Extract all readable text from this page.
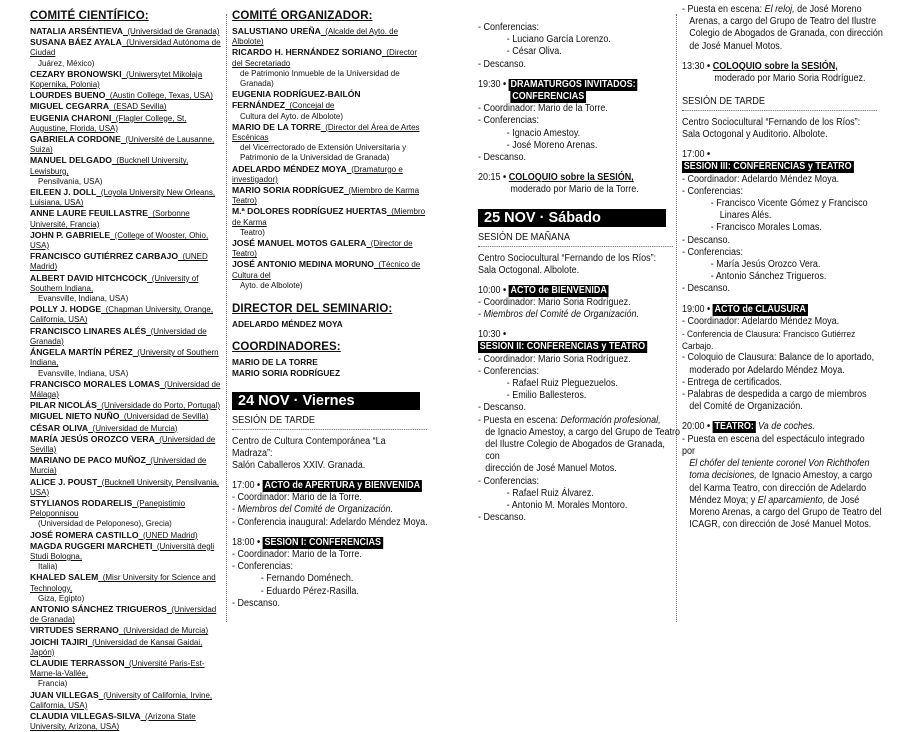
COMITÉ CIENTÍFICO:
NATALIA ARSÉNTIEVA_(Universidad de Granada)
SUSANA BÁEZ AYALA_(Universidad Autónoma de Ciudad
Juárez, México)
CEZARY BRONOWSKI_(Uniwersytet Mikołaja Kopernika, Polonia)
LOURDES BUENO_(Austin College, Texas, USA)
MIGUEL CEGARRA_(ESAD Sevilla)
EUGENIA CHARONI_(Flagler College, St, Augustine, Florida, USA)
GABRIELA CORDONE_(Université de Lausanne, Suiza)
MANUEL DELGADO_(Bucknell University, Lewisburg,
Pensilvania, USA)
EILEEN J. DOLL_(Loyola University New Orleans, Luisiana, USA)
ANNE LAURE FEUILLASTRE_(Sorbonne Université, Francia)
JOHN P. GABRIELE_(College of Wooster, Ohio, USA)
FRANCISCO GUTIÉRREZ CARBAJO_(UNED Madrid)
ALBERT DAVID HITCHCOCK_(University of Southern Indiana,
Evansville, Indiana, USA)
POLLY J. HODGE_(Chapman University, Orange, California, USA)
FRANCISCO LINARES ALÉS_(Universidad de Granada)
ÁNGELA MARTÍN PÉREZ_(University of Southern Indiana,
Evansville, Indiana, USA)
FRANCISCO MORALES LOMAS_(Universidad de Málaga)
PILAR NICOLÁS_(Universidade do Porto, Portugal)
MIGUEL NIETO NUÑO_(Universidad de Sevilla)
CÉSAR OLIVA_(Universidad de Murcia)
MARÍA JESÚS OROZCO VERA_(Universidad de Sevilla)
MARIANO DE PACO MUÑOZ_(Universidad de Murcia)
ALICE J. POUST_(Bucknell University, Pensilvania, USA)
STYLIANOS RODARELIS_(Panepistimio Peloponnisou
(Universidad de Peloponeso), Grecia)
JOSÉ ROMERA CASTILLO_(UNED Madrid)
MAGDA RUGGERI MARCHETI_(Università degli Studi Bologna,
Italia)
KHALED SALEM_(Misr University for Science and Technology,
Giza, Egipto)
ANTONIO SÁNCHEZ TRIGUEROS_(Universidad de Granada)
VIRTUDES SERRANO_(Universidad de Murcia)
JOICHI TAJIRI_(Universidad de Kansai Gaidai, Japón)
CLAUDIE TERRASSON_(Université Paris-Est-Marne-la-Vallée,
Francia)
JUAN VILLEGAS_(University of California, Irvine, California, USA)
CLAUDIA VILLEGAS-SILVA_(Arizona State University, Arizona, USA)
COMITÉ ORGANIZADOR:
SALUSTIANO UREÑA_(Alcalde del Ayto. de Albolote)
RICARDO H. HERNÁNDEZ SORIANO_(Director del Secretariado
de Patrimonio Inmueble de la Universidad de Granada)
EUGENIA RODRÍGUEZ-BAILÓN FERNÁNDEZ_(Concejal de
Cultura del Ayto. de Albolote)
MARIO DE LA TORRE_(Director del Área de Artes Escénicas
del Vicerrectorado de Extensión Universitaria y Patrimonio de la Universidad de Granada)
ADELARDO MÉNDEZ MOYA_(Dramaturgo e investigador)
MARIO SORIA RODRÍGUEZ_(Miembro de Karma Teatro)
M.ª DOLORES RODRÍGUEZ HUERTAS_(Miembro de Karma
Teatro)
JOSÉ MANUEL MOTOS GALERA_(Director de Teatro)
JOSÉ ANTONIO MEDINA MORUNO_(Técnico de Cultura del
Ayto. de Albolote)
DIRECTOR DEL SEMINARIO:
ADELARDO MÉNDEZ MOYA
COORDINADORES:
MARIO DE LA TORRE
MARIO SORIA RODRÍGUEZ
24 NOV · Viernes
SESIÓN DE TARDE
Centro de Cultura Contemporánea “La Madraza”:
Salón Caballeros XXIV. Granada.
17:00 • ACTO de APERTURA y BIENVENIDA
- Coordinador: Mario de la Torre.
- Miembros del Comité de Organización.
- Conferencia inaugural: Adelardo Méndez Moya.
18:00 • SESIÓN I: CONFERENCIAS
- Coordinador: Mario de la Torre.
- Conferencias:
- Fernando Doménech.
- Eduardo Pérez-Rasilla.
- Descanso.
- Conferencias:
- Luciano García Lorenzo.
- César Oliva.
- Descanso.
19:30 • DRAMATURGOS INVITADOS:
CONFERENCIAS
- Coordinador: Mario de la Torre.
- Conferencias:
- Ignacio Amestoy.
- José Moreno Arenas.
- Descanso.
20:15 • COLOQUIO sobre la SESIÓN,
moderado por Mario de la Torre.
25 NOV · Sábado
SESIÓN DE MAÑANA
Centro Sociocultural “Fernando de los Ríos”:
Sala Octogonal. Albolote.
10:00 • ACTO de BIENVENIDA
- Coordinador: Mario Soria Rodríguez.
- Miembros del Comité de Organización.
10:30 • SESIÓN II: CONFERENCIAS y TEATRO
- Coordinador: Mario Soria Rodríguez.
- Conferencias:
- Rafael Ruiz Pleguezuelos.
- Emilio Ballesteros.
- Descanso.
- Puesta en escena: Deformación profesional,
de Ignacio Amestoy, a cargo del Grupo de Teatro
del Ilustre Colegio de Abogados de Granada, con
dirección de José Manuel Motos.
- Conferencias:
- Rafael Ruiz Álvarez.
- Antonio M. Morales Montoro.
- Descanso.
- Puesta en escena: El reloj, de José Moreno
Arenas, a cargo del Grupo de Teatro del Ilustre
Colegio de Abogados de Granada, con dirección
de José Manuel Motos.
13:30 • COLOQUIO sobre la SESIÓN,
moderado por Mario Soria Rodríguez.
SESIÓN DE TARDE
Centro Sociocultural “Fernando de los Ríos”:
Sala Octogonal y Auditorio. Albolote.
17:00 • SESIÓN III: CONFERENCIAS y TEATRO
- Coordinador: Adelardo Méndez Moya.
- Conferencias:
- Francisco Vicente Gómez y Francisco
Linares Alés.
- Francisco Morales Lomas.
- Descanso.
- Conferencias:
- María Jesús Orozco Vera.
- Antonio Sánchez Trigueros.
- Descanso.
19:00 • ACTO de CLAUSURA
- Coordinador: Adelardo Méndez Moya.
- Conferencia de Clausura: Francisco Gutiérrez Carbajo.
- Coloquio de Clausura: Balance de lo aportado,
moderado por Adelardo Méndez Moya.
- Entrega de certificados.
- Palabras de despedida a cargo de miembros
del Comité de Organización.
20:00 • TEATRO: Va de coches.
- Puesta en escena del espectáculo integrado por
El chófer del teniente coronel Von Richthofen
toma decisiones, de Ignacio Amestoy, a cargo
del Karma Teatro, con dirección de Adelardo
Méndez Moya; y El aparcamiento, de José
Moreno Arenas, a cargo del Grupo de Teatro del
ICAGR, con dirección de José Manuel Motos.
